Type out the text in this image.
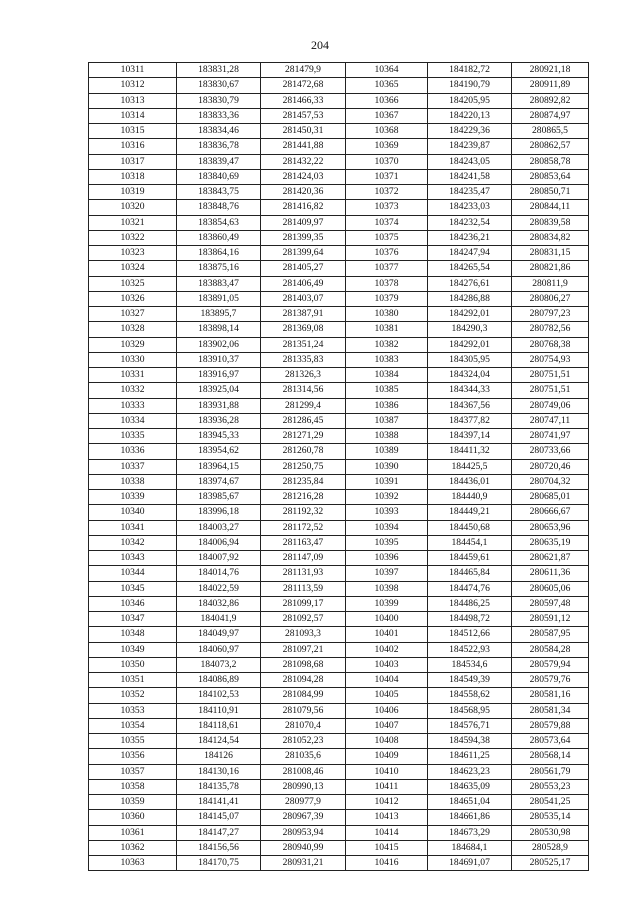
204
10311	183831,28	281479,9	10364	184182,72	280921,18
10312	183830,67	281472,68	10365	184190,79	280911,89
10313	183830,79	281466,33	10366	184205,95	280892,82
10314	183833,36	281457,53	10367	184220,13	280874,97
10315	183834,46	281450,31	10368	184229,36	280865,5
10316	183836,78	281441,88	10369	184239,87	280862,57
10317	183839,47	281432,22	10370	184243,05	280858,78
10318	183840,69	281424,03	10371	184241,58	280853,64
10319	183843,75	281420,36	10372	184235,47	280850,71
10320	183848,76	281416,82	10373	184233,03	280844,11
10321	183854,63	281409,97	10374	184232,54	280839,58
10322	183860,49	281399,35	10375	184236,21	280834,82
10323	183864,16	281399,64	10376	184247,94	280831,15
10324	183875,16	281405,27	10377	184265,54	280821,86
10325	183883,47	281406,49	10378	184276,61	280811,9
10326	183891,05	281403,07	10379	184286,88	280806,27
10327	183895,7	281387,91	10380	184292,01	280797,23
10328	183898,14	281369,08	10381	184290,3	280782,56
10329	183902,06	281351,24	10382	184292,01	280768,38
10330	183910,37	281335,83	10383	184305,95	280754,93
10331	183916,97	281326,3	10384	184324,04	280751,51
10332	183925,04	281314,56	10385	184344,33	280751,51
10333	183931,88	281299,4	10386	184367,56	280749,06
10334	183936,28	281286,45	10387	184377,82	280747,11
10335	183945,33	281271,29	10388	184397,14	280741,97
10336	183954,62	281260,78	10389	184411,32	280733,66
10337	183964,15	281250,75	10390	184425,5	280720,46
10338	183974,67	281235,84	10391	184436,01	280704,32
10339	183985,67	281216,28	10392	184440,9	280685,01
10340	183996,18	281192,32	10393	184449,21	280666,67
10341	184003,27	281172,52	10394	184450,68	280653,96
10342	184006,94	281163,47	10395	184454,1	280635,19
10343	184007,92	281147,09	10396	184459,61	280621,87
10344	184014,76	281131,93	10397	184465,84	280611,36
10345	184022,59	281113,59	10398	184474,76	280605,06
10346	184032,86	281099,17	10399	184486,25	280597,48
10347	184041,9	281092,57	10400	184498,72	280591,12
10348	184049,97	281093,3	10401	184512,66	280587,95
10349	184060,97	281097,21	10402	184522,93	280584,28
10350	184073,2	281098,68	10403	184534,6	280579,94
10351	184086,89	281094,28	10404	184549,39	280579,76
10352	184102,53	281084,99	10405	184558,62	280581,16
10353	184110,91	281079,56	10406	184568,95	280581,34
10354	184118,61	281070,4	10407	184576,71	280579,88
10355	184124,54	281052,23	10408	184594,38	280573,64
10356	184126	281035,6	10409	184611,25	280568,14
10357	184130,16	281008,46	10410	184623,23	280561,79
10358	184135,78	280990,13	10411	184635,09	280553,23
10359	184141,41	280977,9	10412	184651,04	280541,25
10360	184145,07	280967,39	10413	184661,86	280535,14
10361	184147,27	280953,94	10414	184673,29	280530,98
10362	184156,56	280940,99	10415	184684,1	280528,9
10363	184170,75	280931,21	10416	184691,07	280525,17
